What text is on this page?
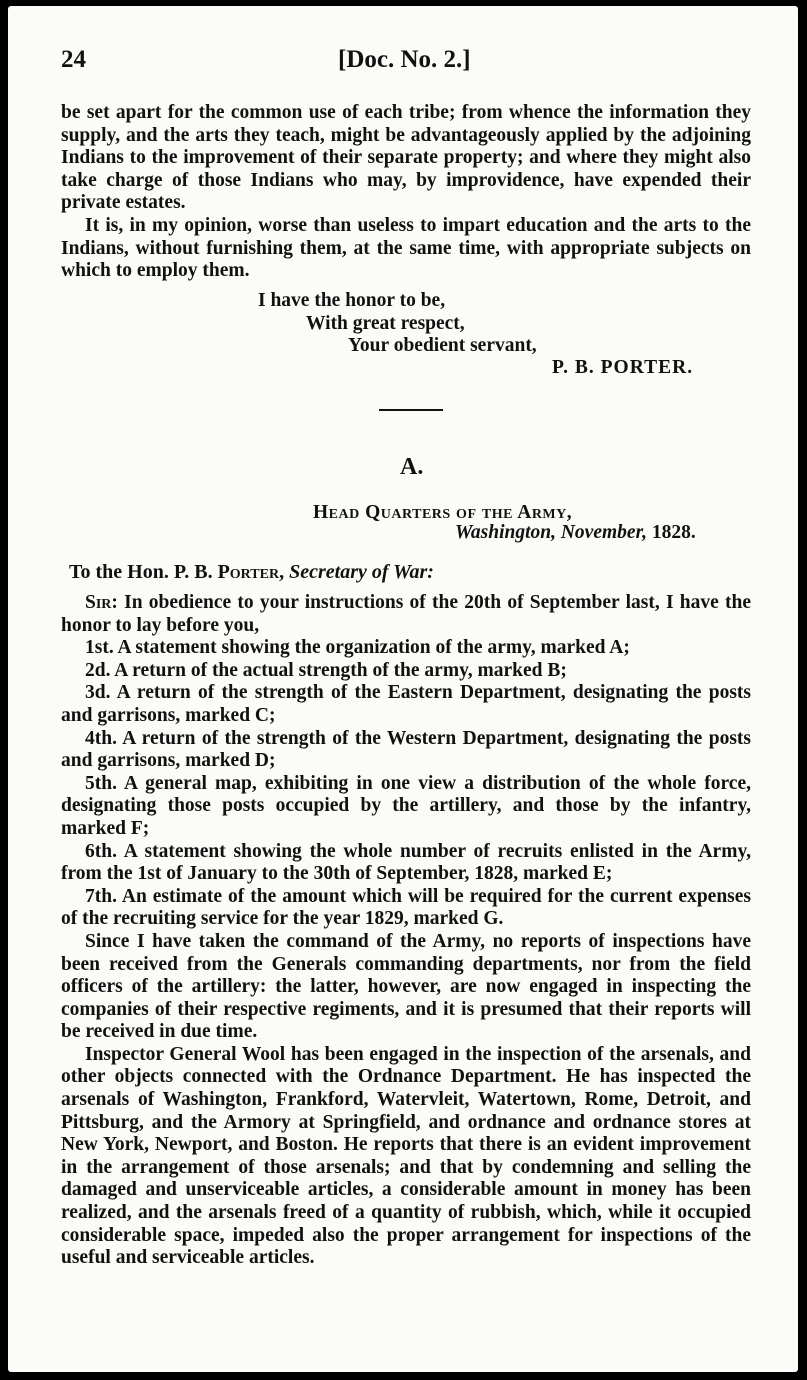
24	[Doc. No. 2.]

be set apart for the common use of each tribe; from whence the information they supply, and the arts they teach, might be advantageously applied by the adjoining Indians to the improvement of their separate property; and where they might also take charge of those Indians who may, by improvidence, have expended their private estates.

It is, in my opinion, worse than useless to impart education and the arts to the Indians, without furnishing them, at the same time, with appropriate subjects on which to employ them.

I have the honor to be,
With great respect,
Your obedient servant,
P. B. PORTER.
A.
Head Quarters of the Army,
Washington, November, 1828.
To the Hon. P. B. Porter, Secretary of War:

Sir: In obedience to your instructions of the 20th of September last, I have the honor to lay before you,

1st. A statement showing the organization of the army, marked A;

2d. A return of the actual strength of the army, marked B;

3d. A return of the strength of the Eastern Department, designating the posts and garrisons, marked C;

4th. A return of the strength of the Western Department, designating the posts and garrisons, marked D;

5th. A general map, exhibiting in one view a distribution of the whole force, designating those posts occupied by the artillery, and those by the infantry, marked F;

6th. A statement showing the whole number of recruits enlisted in the Army, from the 1st of January to the 30th of September, 1828, marked E;

7th. An estimate of the amount which will be required for the current expenses of the recruiting service for the year 1829, marked G.

Since I have taken the command of the Army, no reports of inspections have been received from the Generals commanding departments, nor from the field officers of the artillery: the latter, however, are now engaged in inspecting the companies of their respective regiments, and it is presumed that their reports will be received in due time.

Inspector General Wool has been engaged in the inspection of the arsenals, and other objects connected with the Ordnance Department. He has inspected the arsenals of Washington, Frankford, Watervleit, Watertown, Rome, Detroit, and Pittsburg, and the Armory at Springfield, and ordnance and ordnance stores at New York, Newport, and Boston. He reports that there is an evident improvement in the arrangement of those arsenals; and that by condemning and selling the damaged and unserviceable articles, a considerable amount in money has been realized, and the arsenals freed of a quantity of rubbish, which, while it occupied considerable space, impeded also the proper arrangement for inspections of the useful and serviceable articles.
